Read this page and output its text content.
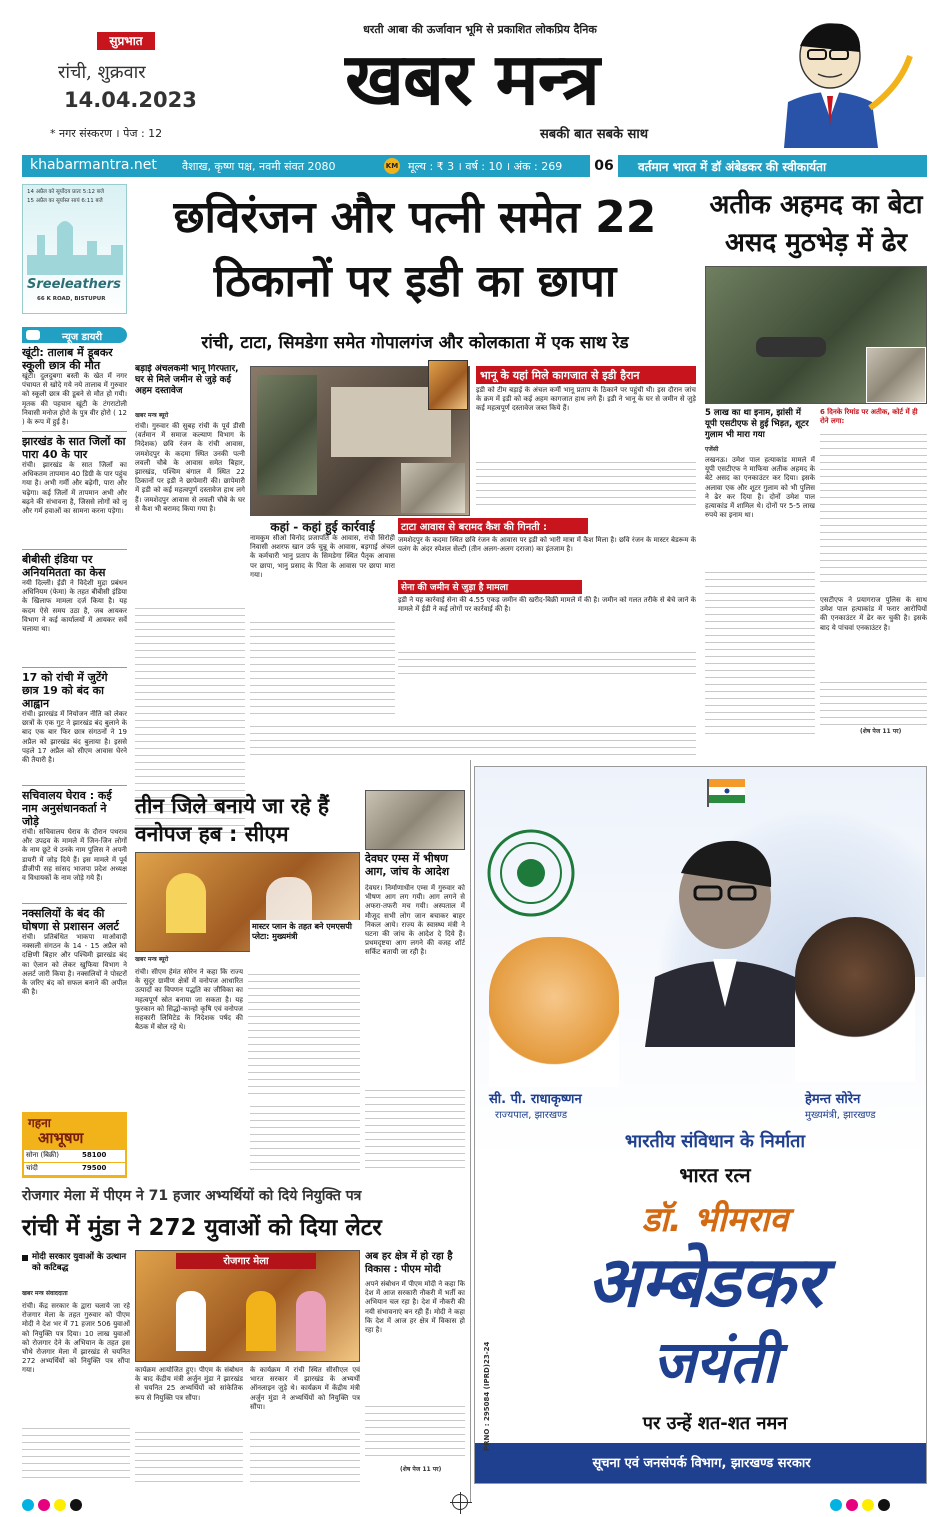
सुप्रभात
रांची, शुक्रवार
14.04.2023
* नगर संस्करण । पेज : 12
धरती आबा की ऊर्जावान भूमि से प्रकाशित लोकप्रिय दैनिक
खबर मन्त्र
सबकी बात सबके साथ
khabarmantra.net वैशाख, कृष्ण पक्ष, नवमी संवत 2080	KM मूल्य : ₹ 3 । वर्ष : 10 । अंक : 269	06	वर्तमान भारत में डॉ अंबेडकर की स्वीकार्यता
14 अप्रैल को सूर्योदय प्रातः 5:12 बजे
15 अप्रैल का सूर्यास्त सायं 6:11 बजे
Sreeleathers
66 K ROAD, BISTUPUR
न्यूज डायरी
खूंटी: तालाब में डूबकर स्कूली छात्र की मौत
खूंटी। दुलदुबगा बस्ती के खेत में नगर पंचायत से खोदे गये नये तालाब में गुरुवार को स्कूली छात्र की डूबने से मौत हो गयी। मृतक की पहचान खूंटी के टंगराटोली निवासी मनोज होरो के पुत्र वीर होरो ( 12 ) के रूप में हुई है।
झारखंड के सात जिलों का पारा 40 के पार
रांची। झारखंड के सात जिलों का अधिकतम तापमान 40 डिग्री के पार पहुंच गया है। अभी गर्मी और बढ़ेगी, पारा और चढ़ेगा। कई जिलों में तापमान अभी और बढ़ने की संभावना है, जिससे लोगों को लू और गर्म हवाओं का सामना करना पड़ेगा।
बीबीसी इंडिया पर अनियमितता का केस
नयी दिल्ली। ईडी ने विदेशी मुद्रा प्रबंधन अधिनियम (फेमा) के तहत बीबीसी इंडिया के खिलाफ मामला दर्ज किया है। यह कदम ऐसे समय उठा है, जब आयकर विभाग ने कई कार्यालयों में आयकर सर्वे चलाया था।
17 को रांची में जुटेंगे छात्र 19 को बंद का आह्वान
रांची। झारखंड में नियोजन नीति को लेकर छात्रों के एक गुट ने झारखंड बंद बुलाने के बाद एक बार फिर छात्र संगठनों ने 19 अप्रैल को झारखंड बंद बुलाया है। इससे पहले 17 अप्रैल को सीएम आवास घेरने की तैयारी है।
सचिवालय घेराव : कई नाम अनुसंधानकर्ता ने जोड़े
रांची। सचिवालय घेराव के दौरान पथराव और उपद्रव के मामले में जिन-जिन लोगों के नाम छूटे थे उनके नाम पुलिस ने अपनी डायरी में जोड़ दिये हैं। इस मामले में पूर्व डीजीपी सह सांसद भाजपा प्रदेश अध्यक्ष व विधायकों के नाम जोड़े गये हैं।
नक्सलियों के बंद की घोषणा से प्रशासन अलर्ट
रांची। प्रतिबंधित भाकपा माओवादी नक्सली संगठन के 14 - 15 अप्रैल को दक्षिणी बिहार और पश्चिमी झारखंड बंद का ऐलान को लेकर खुफिया विभाग ने अलर्ट जारी किया है। नक्सलियों ने पोस्टरों के जरिए बंद को सफल बनाने की अपील की है।
गहना
आभूषण
सोना (बिक्री)	58100
चांदी	79500
छविरंजन और पत्नी समेत 22
ठिकानों पर इडी का छापा
रांची, टाटा, सिमडेगा समेत गोपालगंज और कोलकाता में एक साथ रेड
बड़ाई अंचलकर्मी भानू गिरफ्तार, घर से मिले जमीन से जुड़े कई अहम दस्तावेज
खबर मन्त्र ब्यूरो
रांची। गुरुवार की सुबह रांची के पूर्व डीसी (वर्तमान में समाज कल्याण विभाग के निदेशक) छवि रंजन के रांची आवास, जमशेदपुर के कदमा स्थित उनकी पत्नी लवली चौबे के आवास समेत बिहार, झारखंड, पश्चिम बंगाल में स्थित 22 ठिकानों पर इडी ने छापेमारी की। छापेमारी में इडी को कई महत्वपूर्ण दस्तावेज हाथ लगे हैं। जमशेदपुर आवास से लवली चौबे के घर से कैश भी बरामद किया गया है।
भानू के यहां मिले कागजात से इडी हैरान
इडी को टीम बड़ाई के अंचल कर्मी भानू प्रताप के ठिकाने पर पहुंची थी। इस दौरान जांच के क्रम में इडी को कई अहम कागजात हाथ लगे हैं। इडी ने भानू के घर से जमीन से जुड़े कई महत्वपूर्ण दस्तावेज जब्त किये हैं।
कहां - कहां हुई कार्रवाई
नामकुम सीओ विनोद प्रजापति के आवास, रांची सिरोही निवासी अशरफ खान उर्फ चुन्नू के आवास, बड़गाई अंचल के कर्मचारी भानु प्रताप के सिमडेगा स्थित पैतृक आवास पर छापा, भानु प्रसाद के पिता के आवास पर छापा मारा गया।
टाटा आवास से बरामद कैश की गिनती :
जमशेदपुर के कदमा स्थित छवि रंजन के आवास पर इडी को भारी मात्रा में कैश मिला है। छवि रंजन के मास्टर बेडरूम के पलंग के अंदर स्पेशल सेल्टी (तीन अलग-अलग दराजा) का इंतजाम है।
सेना की जमीन से जुड़ा है मामला
इडी ने यह कार्रवाई सेना की 4.55 एकड़ जमीन की खरीद-बिक्री मामले में की है। जमीन को गलत तरीके से बेचे जाने के मामले में ईडी ने कई लोगों पर कार्रवाई की है।
अतीक अहमद का बेटा असद मुठभेड़ में ढेर
5 लाख का था इनाम, झांसी में यूपी एसटीएफ से हुई भिड़त, शूटर गुलाम भी मारा गया
6 दिनके रिमांड पर अतीक, कोर्ट में ही रोने लगा:
एजेंसी
लखनऊ। उमेश पाल हत्याकांड मामले में यूपी एसटीएफ ने माफिया अतीक अहमद के बेटे असद का एनकाउंटर कर दिया। इसके अलावा एक और शूटर गुलाम को भी पुलिस ने ढेर कर दिया है। दोनों उमेश पाल हत्याकांड में शामिल थे। दोनों पर 5-5 लाख रुपये का इनाम था।
एसटीएफ ने प्रयागराज पुलिस के साथ उमेश पाल हत्याकांड में फरार आरोपियों की एनकाउंटर में ढेर कर चुकी है। इसके बाद ये पांचवां एनकाउंटर है।
(शेष पेज 11 पर)
तीन जिले बनाये जा रहे हैं वनोपज हब : सीएम
मास्टर प्लान के तहत बने एमएसपी प्लेटा: मुख्यमंत्री
खबर मन्त्र ब्यूरो
रांची। सीएम हेमंत सोरेन ने कहा कि राज्य के सुदूर ग्रामीण क्षेत्रों में वनोपज आधारित उत्पादों का विपणन पद्धति का जीविका का महत्वपूर्ण स्रोत बनाया जा सकता है। यह फुरकान को सिद्धो-कान्हो कृषि एवं वनोपज सहकारी लिमिटेड के निदेशक पर्षद की बैठक में बोल रहे थे।
देवघर एम्स में भीषण आग, जांच के आदेश
देवघर। निर्माणाधीन एम्स में गुरुवार को भीषण आग लग गयी। आग लगने से अफरा-तफरी मच गयी। अस्पताल में मौजूद सभी लोग जान बचाकर बाहर निकल आये। राज्य के स्वास्थ्य मंत्री ने घटना की जांच के आदेश दे दिये हैं। प्रथमदृष्टया आग लगने की वजह शॉर्ट सर्किट बतायी जा रही है।
रोजगार मेला में पीएम ने 71 हजार अभ्यर्थियों को दिये नियुक्ति पत्र
रांची में मुंडा ने 272 युवाओं को दिया लेटर
मोदी सरकार युवाओं के उत्थान को कटिबद्ध
खबर मन्त्र संवाददाता
रांची। केंद्र सरकार के द्वारा चलाये जा रहे रोजगार मेला के तहत गुरुवार को पीएम मोदी ने देश भर में 71 हजार 506 युवाओं को नियुक्ति पत्र दिया। 10 लाख युवाओं को रोजगार देने के अभियान के तहत इस चौथे रोजगार मेला में झारखंड से चयनित 272 अभ्यर्थियों को नियुक्ति पत्र सौंपा गया।
रोजगार मेला
कार्यक्रम आयोजित हुए। पीएम के संबोधन के बाद केंद्रीय मंत्री अर्जुन मुंडा ने झारखंड से चयनित 25 अभ्यर्थियों को सांकेतिक रूप से नियुक्ति पत्र सौंपा।
के कार्यक्रम में रांची स्थित सीसीएल एवं भारत सरकार में झारखंड के अभ्यर्थी ऑनलाइन जुड़े थे। कार्यक्रम में केंद्रीय मंत्री अर्जुन मुंडा ने अभ्यर्थियों को नियुक्ति पत्र सौंपा।
अब हर क्षेत्र में हो रहा है विकास : पीएम मोदी
अपने संबोधन में पीएम मोदी ने कहा कि देश में आज सरकारी नौकरी में भर्ती का अभियान चल रहा है। देश में नौकरी की नयी संभावनाएं बन रही हैं। मोदी ने कहा कि देश में आज हर क्षेत्र में विकास हो रहा है।
(शेष पेज 11 पर)
सी. पी. राधाकृष्णन
राज्यपाल, झारखण्ड
हेमन्त सोरेन
मुख्यमंत्री, झारखण्ड
भारतीय संविधान के निर्माता
भारत रत्न
डॉ. भीमराव
अम्बेडकर
जयंती
पर उन्हें शत-शत नमन
सूचना एवं जनसंपर्क विभाग, झारखण्ड सरकार
PRNO : 295084 (IPRD)23-24
